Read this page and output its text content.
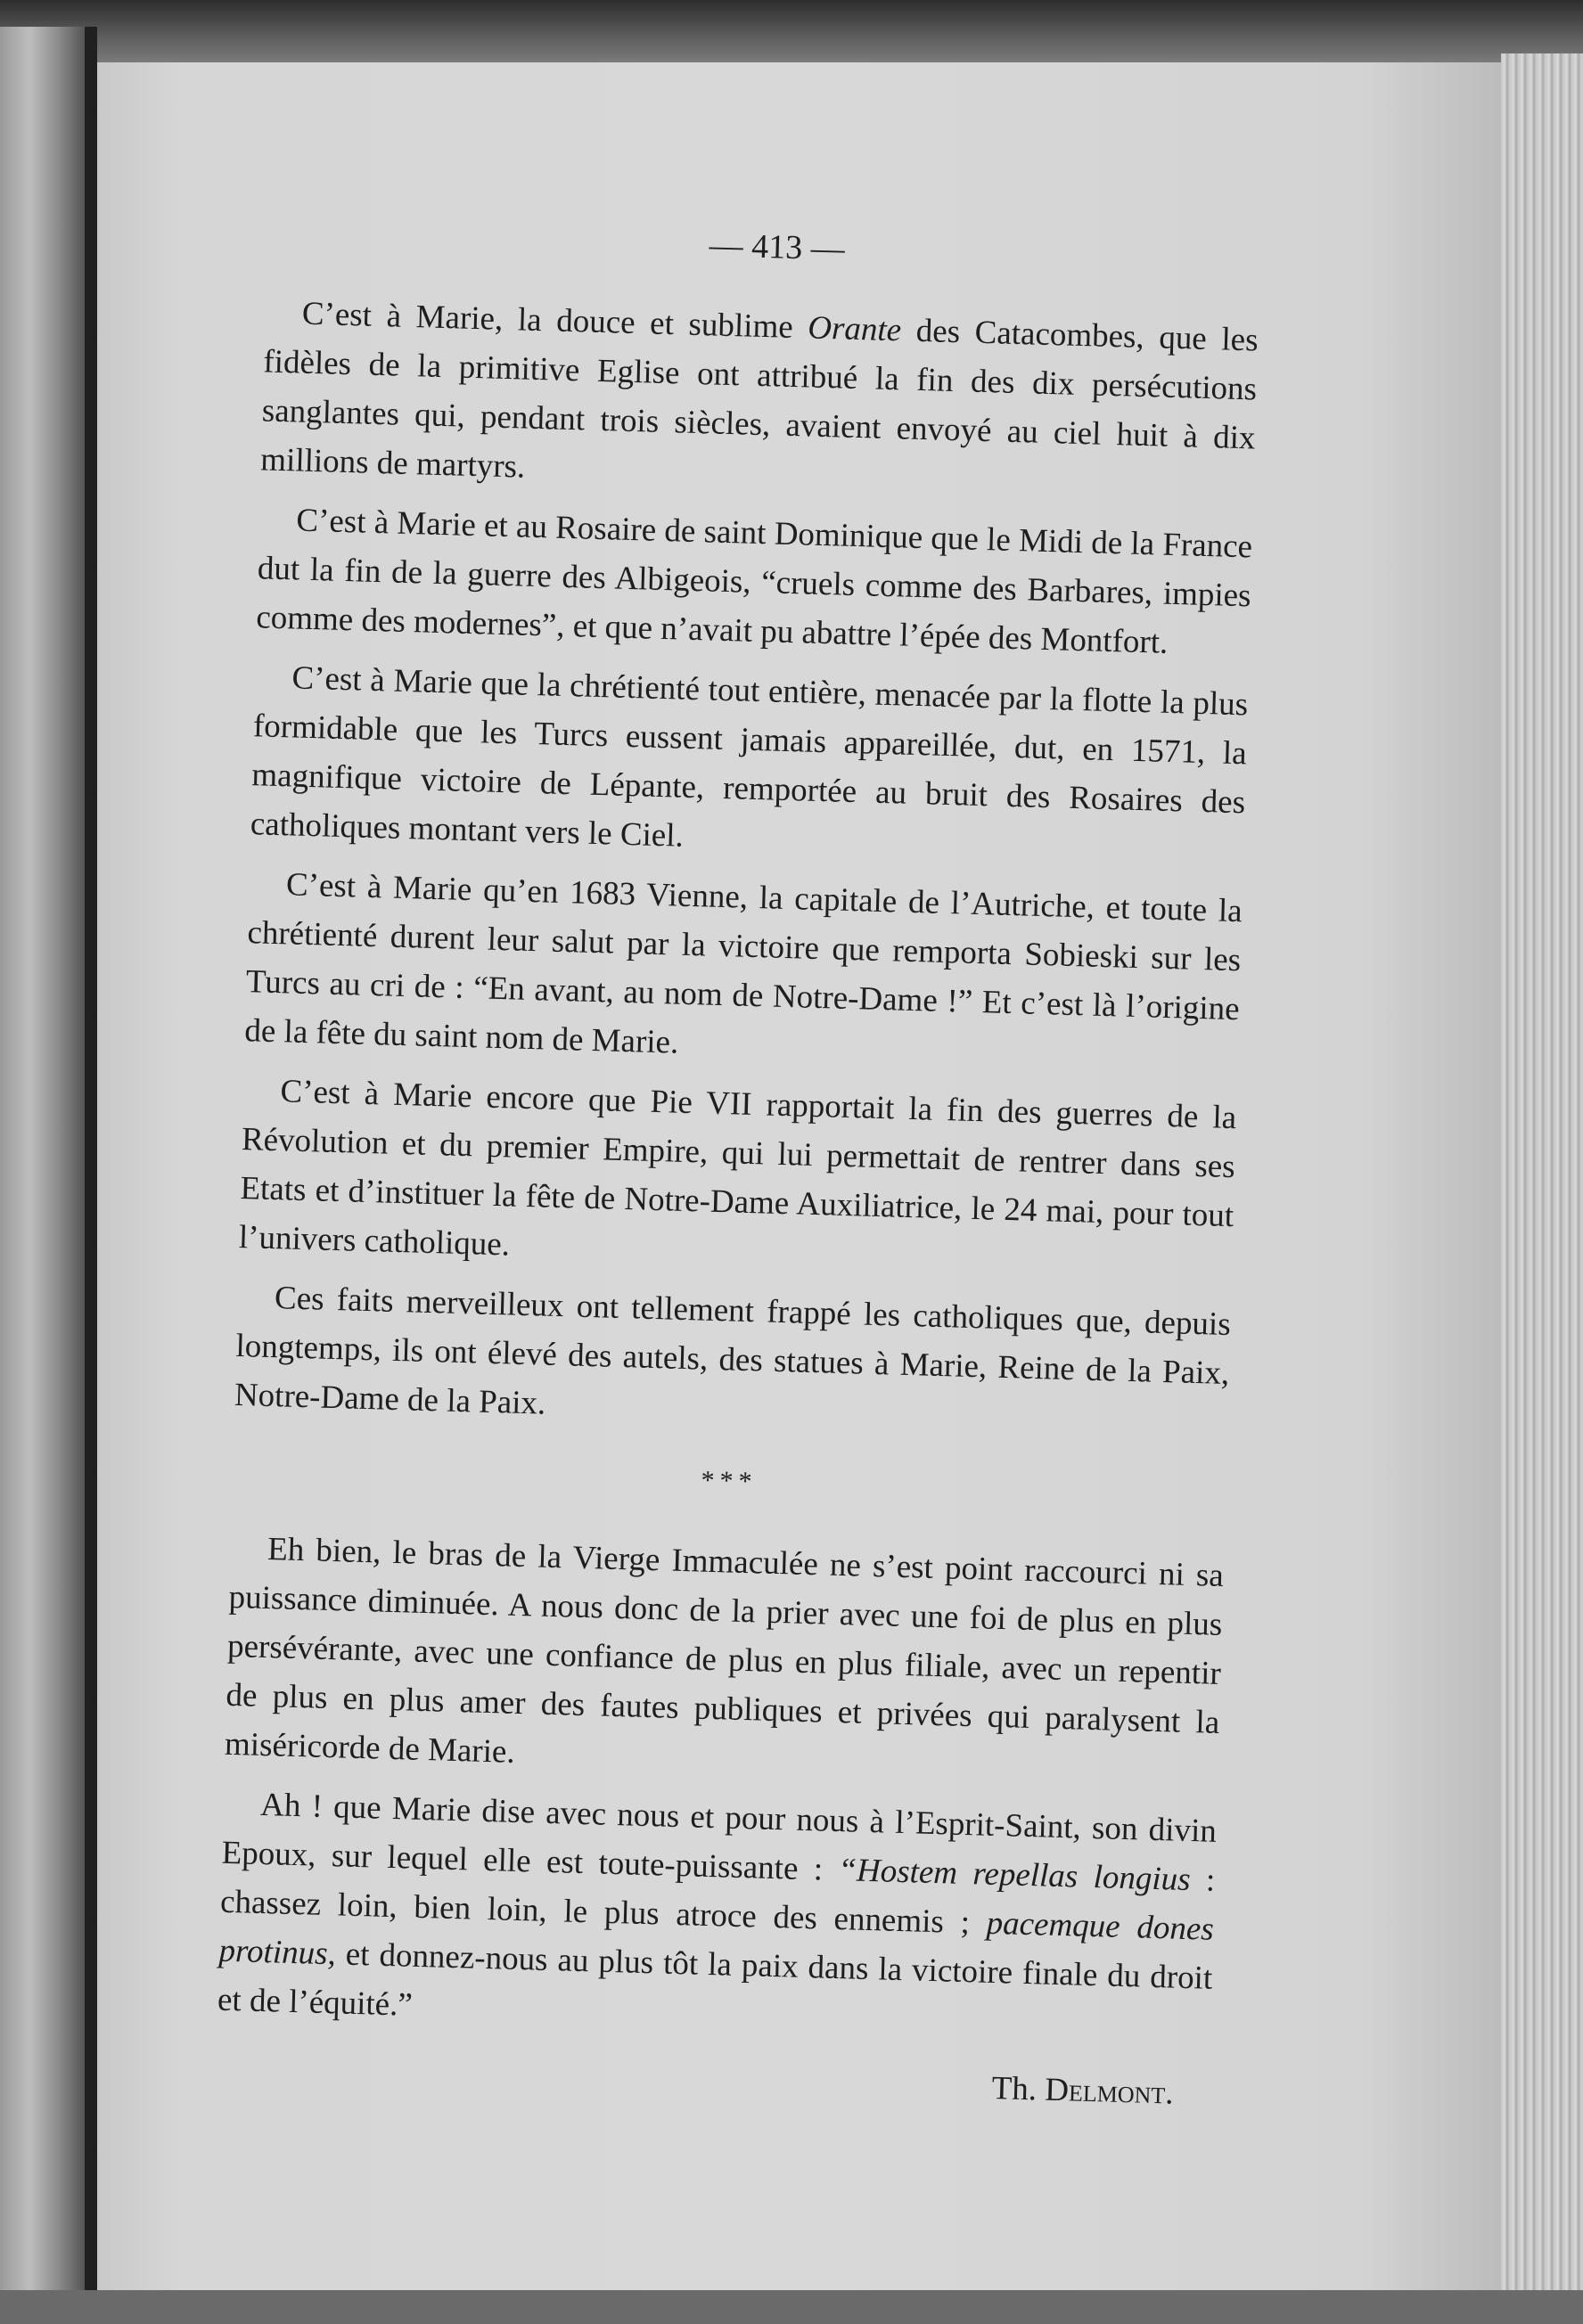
— 413 —

C’est à Marie, la douce et sublime Orante des Catacombes, que les fidèles de la primitive Eglise ont attribué la fin des dix persécutions sanglantes qui, pendant trois siècles, avaient envoyé au ciel huit à dix millions de martyrs.

C’est à Marie et au Rosaire de saint Dominique que le Midi de la France dut la fin de la guerre des Albigeois, “cruels comme des Barbares, impies comme des modernes”, et que n’avait pu abattre l’épée des Montfort.

C’est à Marie que la chrétienté tout entière, menacée par la flotte la plus formidable que les Turcs eussent jamais appareillée, dut, en 1571, la magnifique victoire de Lépante, remportée au bruit des Rosaires des catholiques montant vers le Ciel.

C’est à Marie qu’en 1683 Vienne, la capitale de l’Autriche, et toute la chrétienté durent leur salut par la victoire que remporta Sobieski sur les Turcs au cri de : “En avant, au nom de Notre-Dame !” Et c’est là l’origine de la fête du saint nom de Marie.

C’est à Marie encore que Pie VII rapportait la fin des guerres de la Révolution et du premier Empire, qui lui permettait de rentrer dans ses Etats et d’instituer la fête de Notre-Dame Auxiliatrice, le 24 mai, pour tout l’univers catholique.

Ces faits merveilleux ont tellement frappé les catholiques que, depuis longtemps, ils ont élevé des autels, des statues à Marie, Reine de la Paix, Notre-Dame de la Paix.

***

Eh bien, le bras de la Vierge Immaculée ne s’est point raccourci ni sa puissance diminuée. A nous donc de la prier avec une foi de plus en plus persévérante, avec une confiance de plus en plus filiale, avec un repentir de plus en plus amer des fautes publiques et privées qui paralysent la miséricorde de Marie.

Ah ! que Marie dise avec nous et pour nous à l’Esprit-Saint, son divin Epoux, sur lequel elle est toute-puissante : “Hostem repellas longius : chassez loin, bien loin, le plus atroce des ennemis ; pacemque dones protinus, et donnez-nous au plus tôt la paix dans la victoire finale du droit et de l’équité.”

Th. Delmont.
